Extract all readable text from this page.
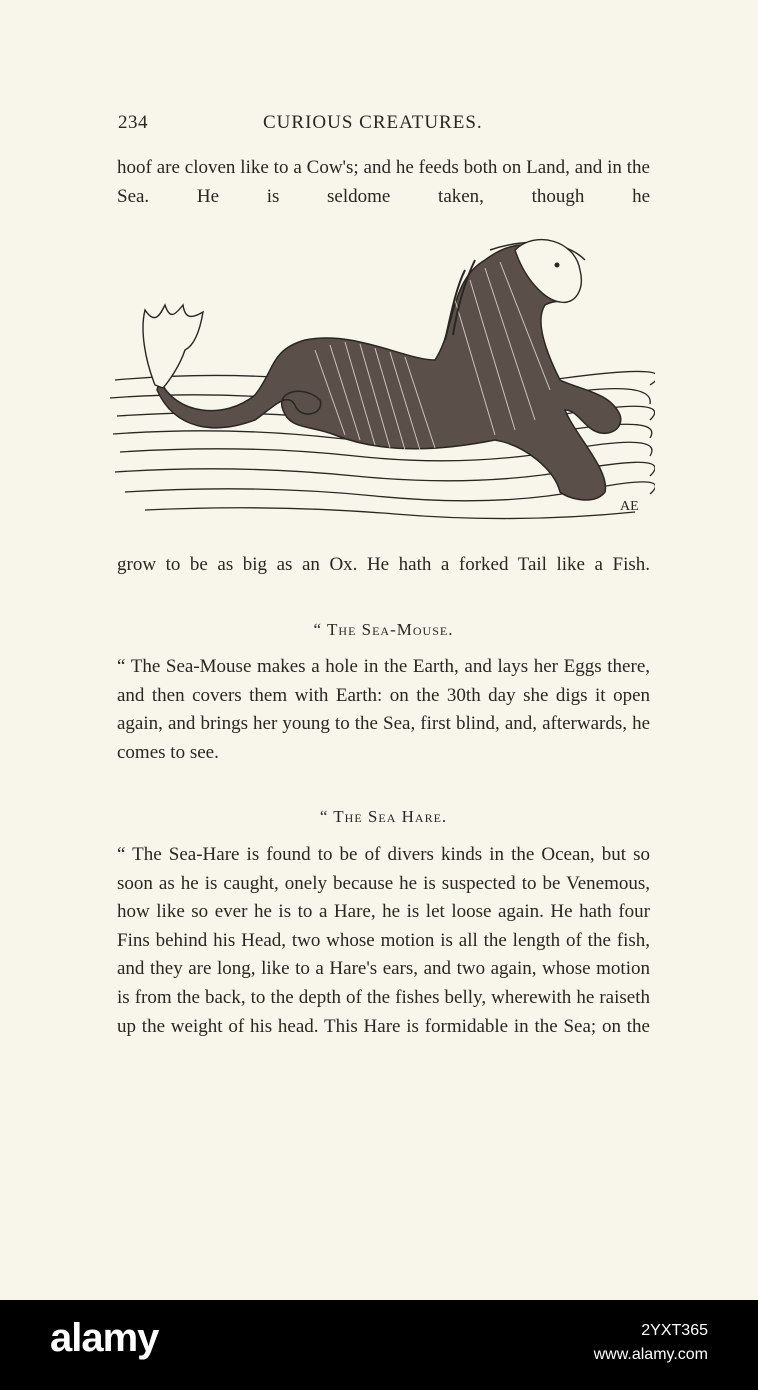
234	CURIOUS CREATURES.

hoof are cloven like to a Cow's; and he feeds both on Land, and in the Sea. He is seldome taken, though he

AE

grow to be as big as an Ox. He hath a forked Tail like a Fish.

“ The Sea-Mouse.

“ The Sea-Mouse makes a hole in the Earth, and lays her Eggs there, and then covers them with Earth: on the 30th day she digs it open again, and brings her young to the Sea, first blind, and, afterwards, he comes to see.

“ The Sea Hare.

“ The Sea-Hare is found to be of divers kinds in the Ocean, but so soon as he is caught, onely because he is suspected to be Venemous, how like so ever he is to a Hare, he is let loose again. He hath four Fins behind his Head, two whose motion is all the length of the fish, and they are long, like to a Hare's ears, and two again, whose motion is from the back, to the depth of the fishes belly, wherewith he raiseth up the weight of his head. This Hare is formidable in the Sea; on the

alamy	2YXT365
www.alamy.com
